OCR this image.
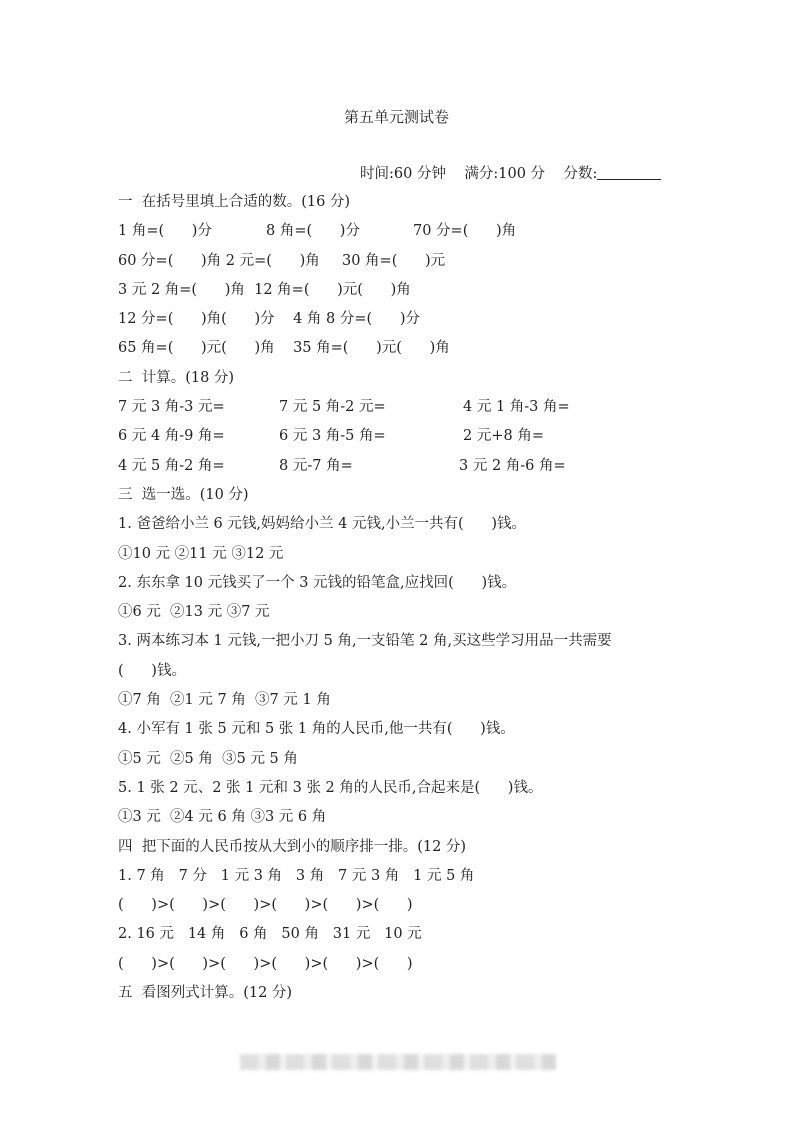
第五单元测试卷
时间:60 分钟 满分:100 分 分数:
一  在括号里填上合适的数。(16 分)

1 角=(      )分

	8 角=(      )分

	70 分=(      )角

60 分=(      )角 2 元=(      )角

30 角=(      )元

3 元 2 角=(      )角  12 角=(      )元(      )角
12 分=(      )角(      )分    4 角 8 分=(      )分
65 角=(      )元(      )角    35 角=(      )元(      )角
二  计算。(18 分)

7 元 3 角-3 元=

	7 元 5 角-2 元=

	4 元 1 角-3 角=

6 元 4 角-9 角=

	6 元 3 角-5 角=

	2 元+8 角=

4 元 5 角-2 角=

	8 元-7 角=

	3 元 2 角-6 角=

三  选一选。(10 分)
1. 爸爸给小兰 6 元钱,妈妈给小兰 4 元钱,小兰一共有(      )钱。
①10 元 ②11 元 ③12 元
2. 东东拿 10 元钱买了一个 3 元钱的铅笔盒,应找回(      )钱。
①6 元  ②13 元 ③7 元
3. 两本练习本 1 元钱,一把小刀 5 角,一支铅笔 2 角,买这些学习用品一共需要
(      )钱。
①7 角  ②1 元 7 角  ③7 元 1 角
4. 小军有 1 张 5 元和 5 张 1 角的人民币,他一共有(      )钱。
①5 元  ②5 角  ③5 元 5 角
5. 1 张 2 元、2 张 1 元和 3 张 2 角的人民币,合起来是(      )钱。
①3 元  ②4 元 6 角 ③3 元 6 角
四  把下面的人民币按从大到小的顺序排一排。(12 分)
1. 7 角   7 分   1 元 3 角   3 角   7 元 3 角   1 元 5 角
(      )>(      )>(      )>(      )>(      )>(      )
2. 16 元   14 角   6 角   50 角   31 元   10 元
(      )>(      )>(      )>(      )>(      )>(      )
五  看图列式计算。(12 分)
